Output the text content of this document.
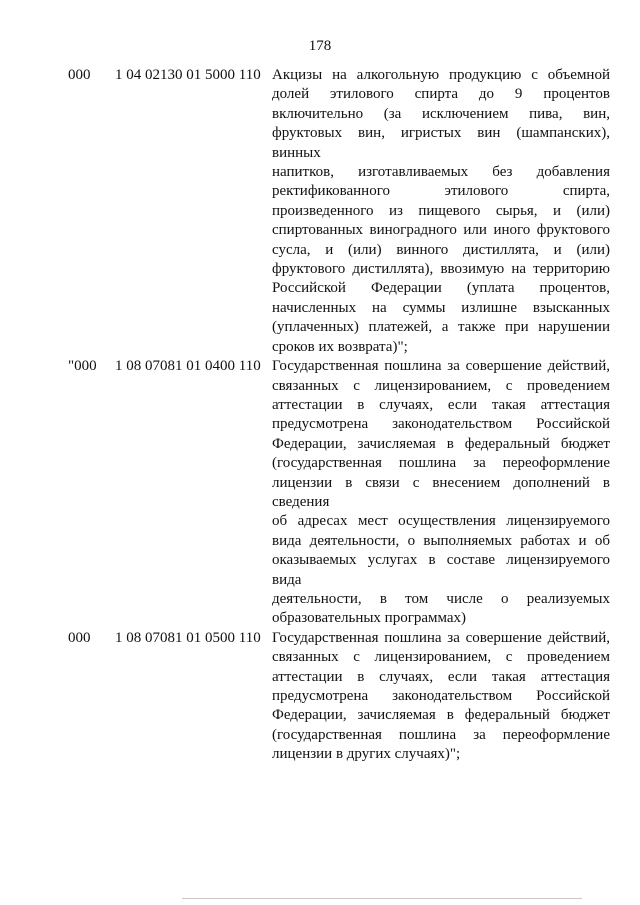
178
000 1 04 02130 01 5000 110 Акцизы на алкогольную продукцию с объемной
долей этилового спирта до 9 процентов
включительно (за исключением пива, вин,
фруктовых вин, игристых вин (шампанских), винных
напитков, изготавливаемых без добавления
ректификованного этилового спирта,
произведенного из пищевого сырья, и (или)
спиртованных виноградного или иного фруктового
сусла, и (или) винного дистиллята, и (или)
фруктового дистиллята), ввозимую на территорию
Российской Федерации (уплата процентов,
начисленных на суммы излишне взысканных
(уплаченных) платежей, а также при нарушении
сроков их возврата)";
"000 1 08 07081 01 0400 110 Государственная пошлина за совершение действий,
связанных с лицензированием, с проведением
аттестации в случаях, если такая аттестация
предусмотрена законодательством Российской
Федерации, зачисляемая в федеральный бюджет
(государственная пошлина за переоформление
лицензии в связи с внесением дополнений в сведения
об адресах мест осуществления лицензируемого
вида деятельности, о выполняемых работах и об
оказываемых услугах в составе лицензируемого вида
деятельности, в том числе о реализуемых
образовательных программах)
000 1 08 07081 01 0500 110 Государственная пошлина за совершение действий,
связанных с лицензированием, с проведением
аттестации в случаях, если такая аттестация
предусмотрена законодательством Российской
Федерации, зачисляемая в федеральный бюджет
(государственная пошлина за переоформление
лицензии в других случаях)";
